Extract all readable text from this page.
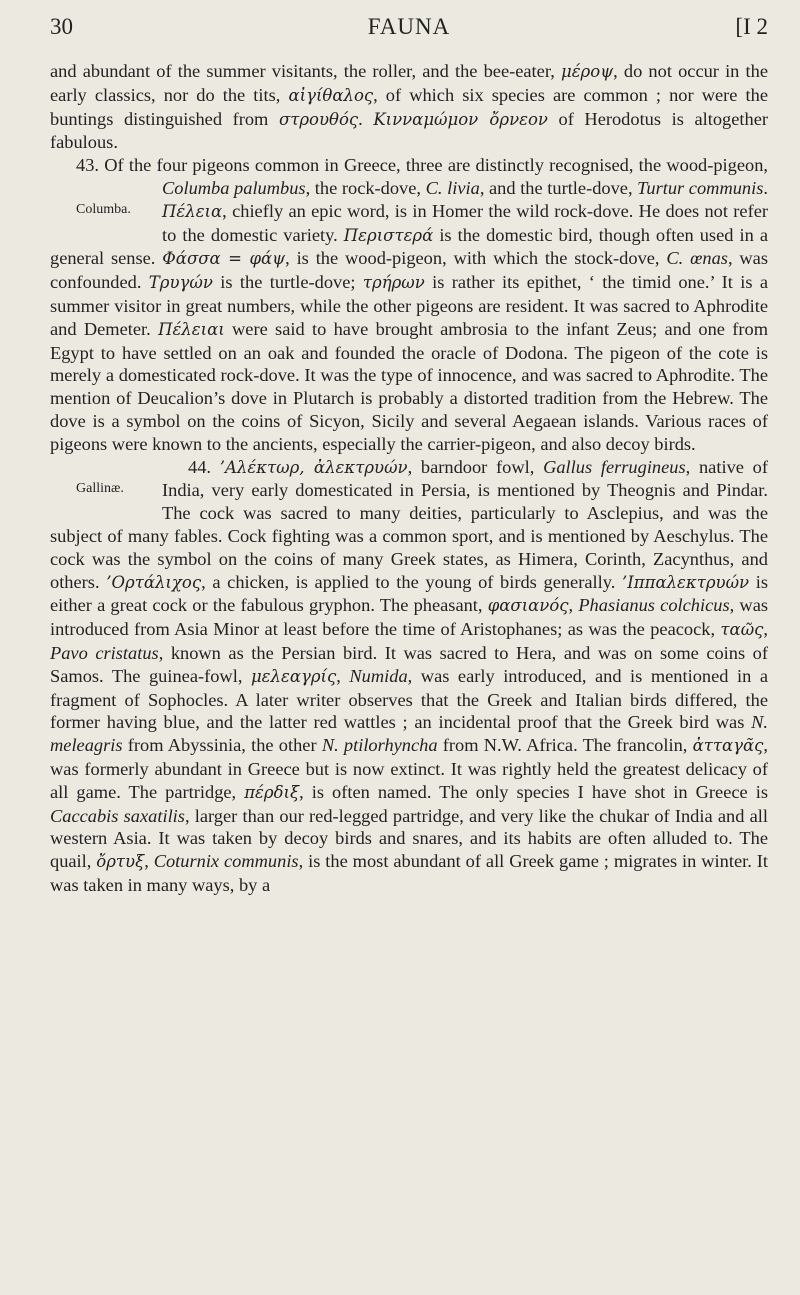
30	FAUNA	[I 2

and abundant of the summer visitants, the roller, and the bee-eater, μέροψ, do not occur in the early classics, nor do the tits, αἰγίθαλος, of which six species are common ; nor were the buntings distinguished from στρουθός. Κινναμώμον ὄρνεον of Herodotus is altogether fabulous.

43. Of the four pigeons common in Greece, three are distinctly recognised, the wood-pigeon,
Columba.
Columba palumbus, the rock-dove, C. livia, and the turtle-dove, Turtur communis. Πέλεια, chiefly an epic word, is in Homer the wild rock-dove. He does not refer to the domestic variety. Περιστερά is the domestic bird, though often used in a general sense. Φάσσα = φάψ, is the wood-pigeon, with which the stock-dove, C. œnas, was confounded. Τρυγών is the turtle-dove; τρήρων is rather its epithet, ‘ the timid one.’ It is a summer visitor in great numbers, while the other pigeons are resident. It was sacred to Aphrodite and Demeter. Πέλειαι were said to have brought ambrosia to the infant Zeus; and one from Egypt to have settled on an oak and founded the oracle of Dodona. The pigeon of the cote is merely a domesticated rock-dove. It was the type of innocence, and was sacred to Aphrodite. The mention of Deucalion’s dove in Plutarch is probably a distorted tradition from the Hebrew. The dove is a symbol on the coins of Sicyon, Sicily and several Aegaean islands. Various races of pigeons were known to the ancients, especially the carrier-pigeon, and also decoy birds.

44. ’Αλέκτωρ, ἀλεκτρυών, barndoor fowl, Gallus ferrugineus
Gallinæ.
, native of India, very early domesticated in Persia, is mentioned by Theognis and Pindar. The cock was sacred to many deities, particularly to Asclepius, and was the subject of many fables. Cock fighting was a common sport, and is mentioned by Aeschylus. The cock was the symbol on the coins of many Greek states, as Himera, Corinth, Zacynthus, and others. ’Ορτάλιχος, a chicken, is applied to the young of birds generally. ’Ιππαλεκτρυών is either a great cock or the fabulous gryphon. The pheasant, φασιανός, Phasianus colchicus, was introduced from Asia Minor at least before the time of Aristophanes; as was the peacock, ταῶς, Pavo cristatus, known as the Persian bird. It was sacred to Hera, and was on some coins of Samos. The guinea-fowl, μελεαγρίς, Numida, was early introduced, and is mentioned in a fragment of Sophocles. A later writer observes that the Greek and Italian birds differed, the former having blue, and the latter red wattles ; an incidental proof that the Greek bird was N. meleagris from Abyssinia, the other N. ptilorhyncha from N.W. Africa. The francolin, ἀτταγᾶς, was formerly abundant in Greece but is now extinct. It was rightly held the greatest delicacy of all game. The partridge, πέρδιξ, is often named. The only species I have shot in Greece is Caccabis saxatilis, larger than our red-legged partridge, and very like the chukar of India and all western Asia. It was taken by decoy birds and snares, and its habits are often alluded to. The quail, ὄρτυξ, Coturnix communis, is the most abundant of all Greek game ; migrates in winter. It was taken in many ways, by a
